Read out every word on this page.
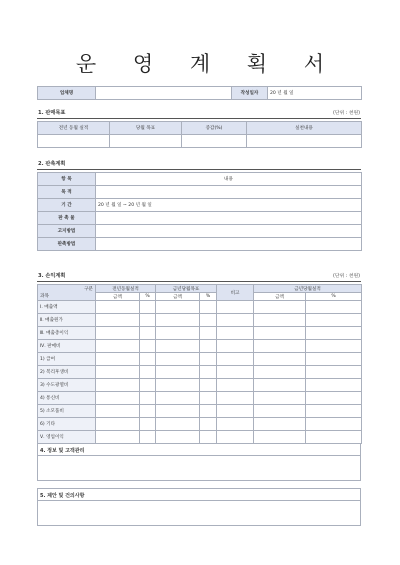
운 영 계 획 서
업체명		작성일자	20 년 월 일
1. 판매목표	(단위 : 천원)
전년 동월 실적	당월 목표	증감(%)	실천내용

2. 판촉계획
항 목	내용
목 적	
기 간	20 년 월 일 ~ 20 년 월 일
판 촉 물	
고지방법	
판촉방법	
3. 손익계획	(단위 : 천원)
구분	전년동월실적		금년당월목표		비고	금년당월실적	
과목	금액	%	금액	%		금액	%
Ⅰ. 매출액							
Ⅱ. 매출원가							
Ⅲ. 매출총이익							
Ⅳ. 판매비							
1) 급여							
2) 복리후생비							
3) 수도광열비							
4) 통신비							
5) 소모품비							
6) 기타							
Ⅴ. 영업이익							
4. 정보 및 고객관리
5. 제안 및 건의사항
